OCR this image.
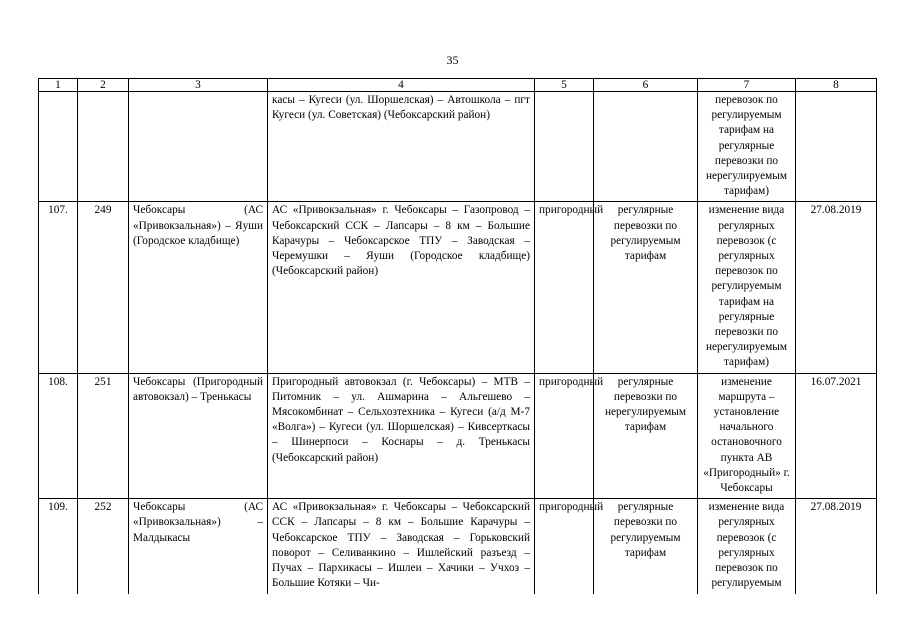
35
1	2	3	4	5	6	7	8
			касы – Кугеси (ул. Шоршелская) – Автошкола – пгт Кугеси (ул. Советская) (Чебоксарский район)			перевозок по регулируемым тарифам на регулярные перевозки по нерегулируемым тарифам)	
107.	249	Чебоксары (АС «Привокзальная») – Яуши (Городское кладбище)	АС «Привокзальная» г. Чебоксары – Газопровод – Чебоксарский ССК – Лапсары – 8 км – Большие Карачуры – Чебоксарское ТПУ – Заводская – Черемушки – Яуши (Городское кладбище) (Чебоксарский район)	пригородный	регулярные перевозки по регулируемым тарифам	изменение вида регулярных перевозок (с регулярных перевозок по регулируемым тарифам на регулярные перевозки по нерегулируемым тарифам)	27.08.2019
108.	251	Чебоксары (Пригородный автовокзал) – Тренькасы	Пригородный автовокзал (г. Чебоксары) – МТВ – Питомник – ул. Ашмарина – Альгешево – Мясокомбинат – Сельхозтехника – Кугеси (а/д М-7 «Волга») – Кугеси (ул. Шоршелская) – Кивсерткасы – Шинерпоси – Коснары – д. Тренькасы (Чебоксарский район)	пригородный	регулярные перевозки по нерегулируемым тарифам	изменение маршрута – установление начального остановочного пункта АВ «Пригородный» г. Чебоксары	16.07.2021
109.	252	Чебоксары (АС «Привокзальная») – Малдыкасы	АС «Привокзальная» г. Чебоксары – Чебоксарский ССК – Лапсары – 8 км – Большие Карачуры – Чебоксарское ТПУ – Заводская – Горьковский поворот – Селиванкино – Ишлейский разъезд – Пучах – Пархикасы – Ишлеи – Хачики – Учхоз – Большие Котяки – Чи-	пригородный	регулярные перевозки по регулируемым тарифам	изменение вида регулярных перевозок (с регулярных перевозок по регулируемым	27.08.2019
